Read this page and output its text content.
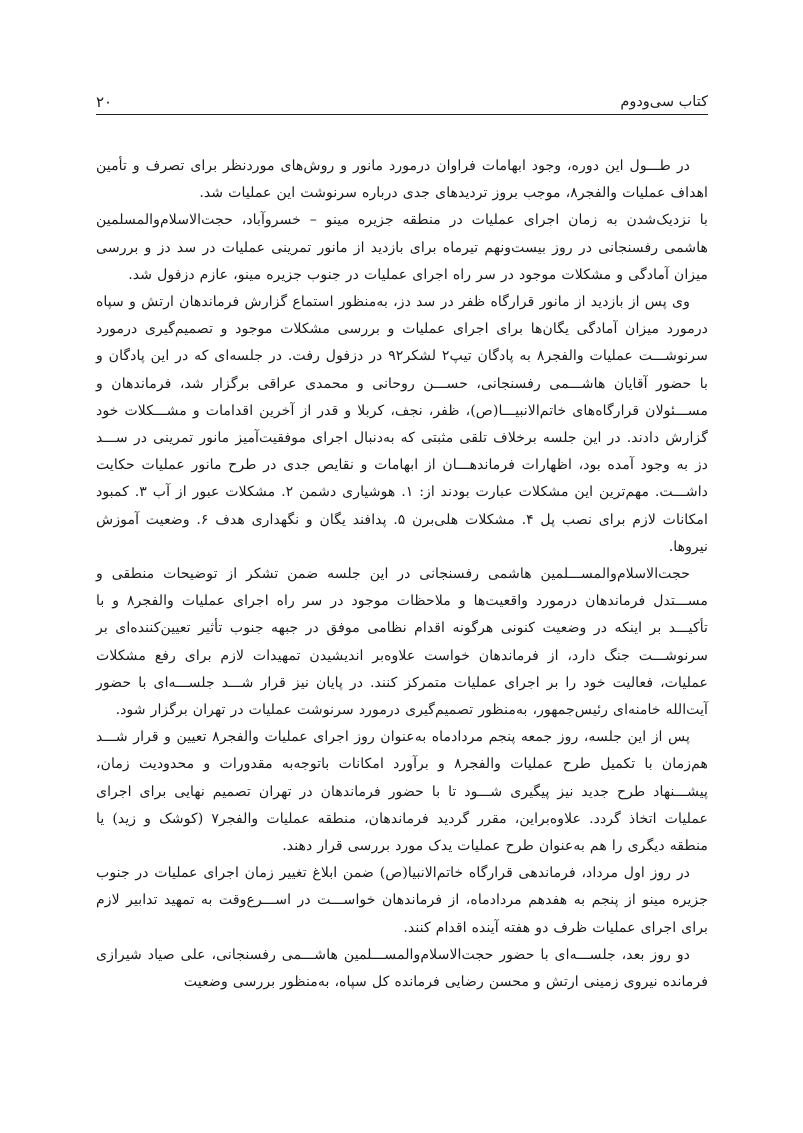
کتاب سی‌ودوم
۲۰

در طـــول این دوره، وجود ابهامات فراوان درمورد مانور و روش‌های موردنظر برای تصرف و تأمین اهداف عملیات والفجر۸، موجب بروز تردیدهای جدی درباره سرنوشت این عملیات شد.

با نزدیک‌شدن به زمان اجرای عملیات در منطقه جزیره مینو – خسروآباد، حجت‌الاسلام‌والمسلمین هاشمی رفسنجانی در روز بیست‌ونهم تیرماه برای بازدید از مانور تمرینی عملیات در سد دز و بررسی میزان آمادگی و مشکلات موجود در سر راه اجرای عملیات در جنوب جزیره مینو، عازم دزفول شد.

وی پس از بازدید از مانور قرارگاه ظفر در سد دز، به‌منظور استماع گزارش فرماندهان ارتش و سپاه درمورد میزان آمادگی یگان‌ها برای اجرای عملیات و بررسی مشکلات موجود و تصمیم‌گیری درمورد سرنوشـــت عملیات والفجر۸ به پادگان تیپ۲ لشکر۹۲ در دزفول رفت. در جلسه‌ای که در این پادگان و با حضور آقایان هاشـــمی رفسنجانی، حســـن روحانی و محمدی عراقی برگزار شد، فرماندهان و مســـئولان قرارگاه‌های خاتم‌الانبیـــا(ص)، ظفر، نجف، کربلا و قدر از آخرین اقدامات و مشـــکلات خود گزارش دادند. در این جلسه برخلاف تلقی مثبتی که به‌دنبال اجرای موفقیت‌آمیز مانور تمرینی در ســـد دز به وجود آمده بود، اظهارات فرماندهـــان از ابهامات و نقایص جدی در طرح مانور عملیات حکایت داشـــت. مهم‌ترین این مشکلات عبارت بودند از: ۱. هوشیاری دشمن ۲. مشکلات عبور از آب ۳. کمبود امکانات لازم برای نصب پل ۴. مشکلات هلی‌برن ۵. پدافند یگان و نگهداری هدف ۶. وضعیت آموزش نیروها.

حجت‌الاسلام‌والمســـلمین هاشمی رفسنجانی در این جلسه ضمن تشکر از توضیحات منطقی و مســـتدل فرماندهان درمورد واقعیت‌ها و ملاحظات موجود در سر راه اجرای عملیات والفجر۸ و با تأکیـــد بر اینکه در وضعیت کنونی هرگونه اقدام نظامی موفق در جبهه جنوب تأثیر تعیین‌کننده‌ای بر سرنوشـــت جنگ دارد، از فرماندهان خواست علاوه‌بر اندیشیدن تمهیدات لازم برای رفع مشکلات عملیات، فعالیت خود را بر اجرای عملیات متمرکز کنند. در پایان نیز قرار شـــد جلســـه‌ای با حضور آیت‌الله خامنه‌ای رئیس‌جمهور، به‌منظور تصمیم‌گیری درمورد سرنوشت عملیات در تهران برگزار شود.

پس از این جلسه، روز جمعه پنجم مردادماه به‌عنوان روز اجرای عملیات والفجر۸ تعیین و قرار شـــد هم‌زمان با تکمیل طرح عملیات والفجر۸ و برآورد امکانات باتوجه‌به مقدورات و محدودیت زمان، پیشـــنهاد طرح جدید نیز پیگیری شـــود تا با حضور فرماندهان در تهران تصمیم نهایی برای اجرای عملیات اتخاذ گردد. علاوه‌براین، مقرر گردید فرماندهان، منطقه عملیات والفجر۷ (کوشک و زید) یا منطقه دیگری را هم به‌عنوان طرح عملیات یدک مورد بررسی قرار دهند.

در روز اول مرداد، فرماندهی قرارگاه خاتم‌الانبیا(ص) ضمن ابلاغ تغییر زمان اجرای عملیات در جنوب جزیره مینو از پنجم به هفدهم مردادماه، از فرماندهان خواســـت در اســـرع‌وقت به تمهید تدابیر لازم برای اجرای عملیات ظرف دو هفته آینده اقدام کنند.

دو روز بعد، جلســـه‌ای با حضور حجت‌الاسلام‌والمســـلمین هاشـــمی رفسنجانی، علی صیاد شیرازی فرمانده نیروی زمینی ارتش و محسن رضایی فرمانده کل سپاه، به‌منظور بررسی وضعیت
